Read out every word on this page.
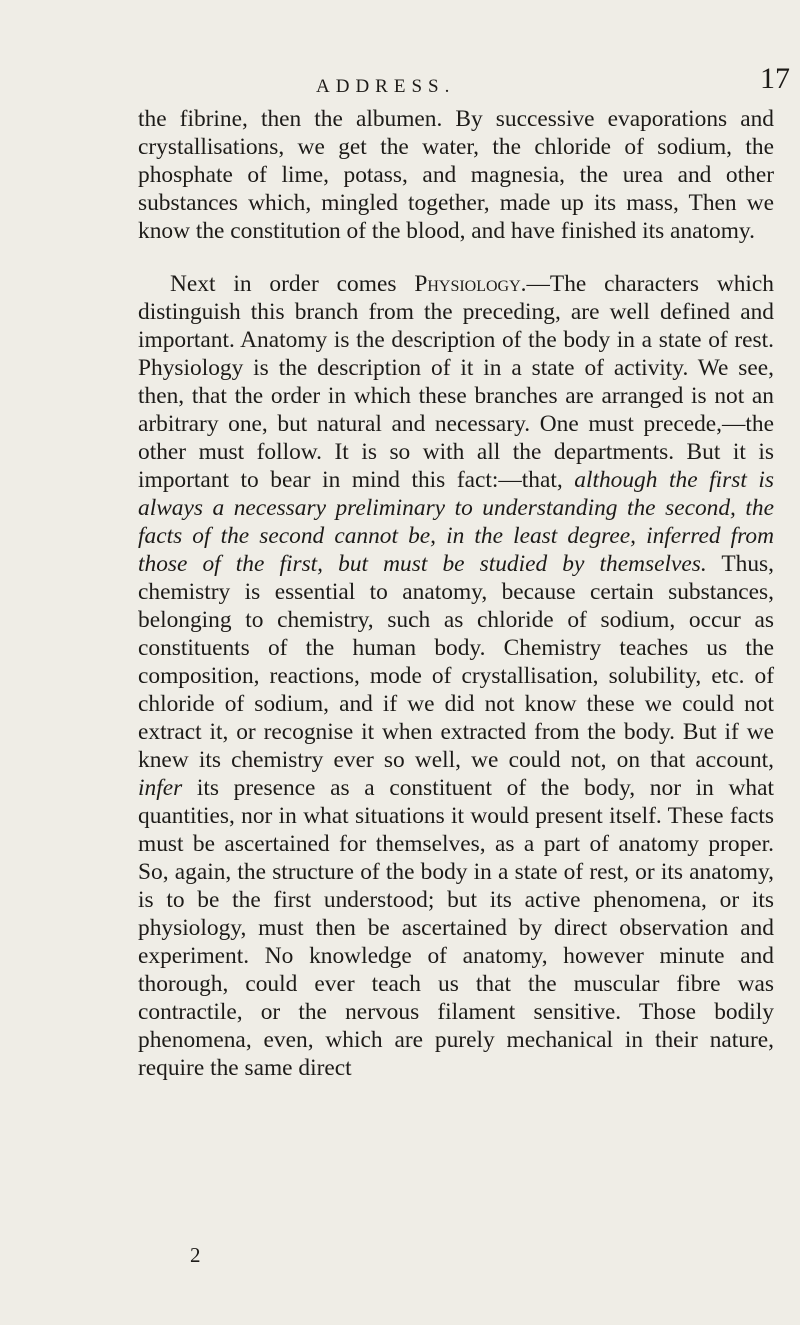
ADDRESS.	17

the fibrine, then the albumen. By successive evaporations and crystallisations, we get the water, the chloride of sodium, the phosphate of lime, potass, and magnesia, the urea and other substances which, mingled together, made up its mass, Then we know the constitution of the blood, and have finished its anatomy.

Next in order comes Physiology.—The characters which distinguish this branch from the preceding, are well defined and important. Anatomy is the description of the body in a state of rest. Physiology is the description of it in a state of activity. We see, then, that the order in which these branches are arranged is not an arbitrary one, but natural and necessary. One must precede,—the other must follow. It is so with all the departments. But it is important to bear in mind this fact:—that, although the first is always a necessary preliminary to understanding the second, the facts of the second cannot be, in the least degree, inferred from those of the first, but must be studied by themselves. Thus, chemistry is essential to anatomy, because certain substances, belonging to chemistry, such as chloride of sodium, occur as constituents of the human body. Chemistry teaches us the composition, reactions, mode of crystallisation, solubility, etc. of chloride of sodium, and if we did not know these we could not extract it, or recognise it when extracted from the body. But if we knew its chemistry ever so well, we could not, on that account, infer its presence as a constituent of the body, nor in what quantities, nor in what situations it would present itself. These facts must be ascertained for themselves, as a part of anatomy proper. So, again, the structure of the body in a state of rest, or its anatomy, is to be the first understood; but its active phenomena, or its physiology, must then be ascertained by direct observation and experiment. No knowledge of anatomy, however minute and thorough, could ever teach us that the muscular fibre was contractile, or the nervous filament sensitive. Those bodily phenomena, even, which are purely mechanical in their nature, require the same direct

2
